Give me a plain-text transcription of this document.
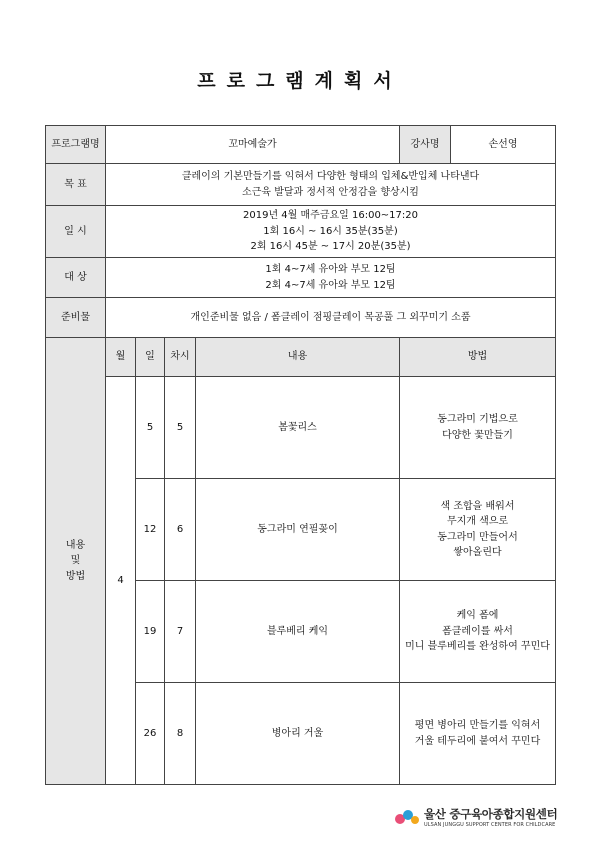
프로그램계획서
프로그램명	꼬마예술가				강사명	손선영
목 표	클레이의 기본만들기를 익혀서 다양한 형태의 입체&반입체 나타낸다
소근육 발달과 정서적 안정감을 향상시킴					

일 시	2019년 4월 매주금요일 16:00~17:20
1회 16시 ~ 16시 35분(35분)
2회 16시 45분 ~ 17시 20분(35분)					

대 상	1회 4~7세 유아와 부모 12팀
2회 4~7세 유아와 부모 12팀					

준비물	개인준비물 없음 / 폼클레이 점핑클레이 목공풀 그 외꾸미기 소품					

내용
및
방법	월	일	차시	내용	방법	
	4	5	5	봄꽃리스	동그라미 기법으로
다양한 꽃만들기	

		12	6	동그라미 연필꽂이	색 조합을 배워서
무지개 색으로
동그라미 만들어서
쌓아올린다	

		19	7	블루베리 케익	케익 폼에
폼클레이를 싸서
미니 블루베리를 완성하여 꾸민다	

		26	8	병아리 거울	평면 병아리 만들기를 익혀서
거울 테두리에 붙여서 꾸민다	
울산 중구육아종합지원센터
ULSAN JUNGGU SUPPORT CENTER FOR CHILDCARE
